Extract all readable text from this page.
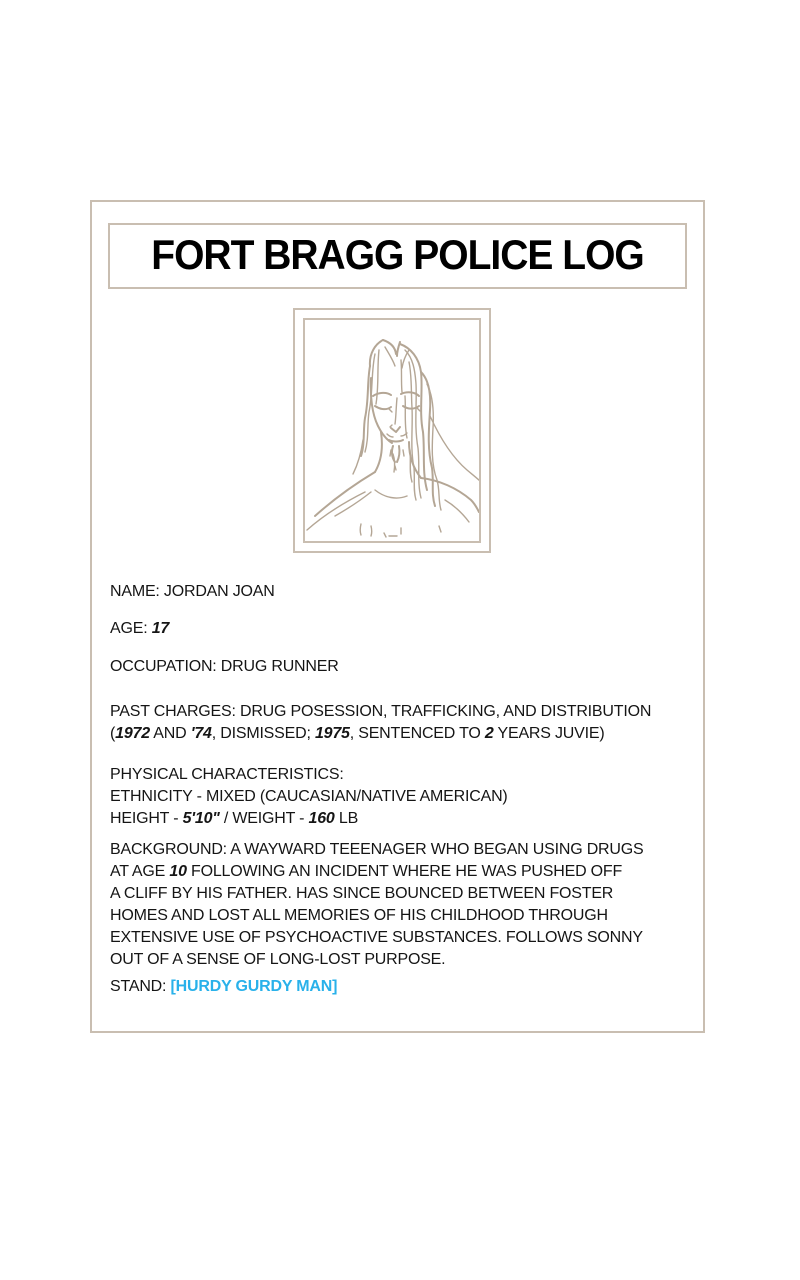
FORT BRAGG POLICE LOG
NAME: JORDAN JOAN
AGE: 17
OCCUPATION: DRUG RUNNER
PAST CHARGES: DRUG POSESSION, TRAFFICKING, AND DISTRIBUTION
(1972 AND '74, DISMISSED; 1975, SENTENCED TO 2 YEARS JUVIE)
PHYSICAL CHARACTERISTICS:
ETHNICITY - MIXED (CAUCASIAN/NATIVE AMERICAN)
HEIGHT - 5'10" / WEIGHT - 160 LB
BACKGROUND: A WAYWARD TEEENAGER WHO BEGAN USING DRUGS
AT AGE 10 FOLLOWING AN INCIDENT WHERE HE WAS PUSHED OFF
A CLIFF BY HIS FATHER. HAS SINCE BOUNCED BETWEEN FOSTER
HOMES AND LOST ALL MEMORIES OF HIS CHILDHOOD THROUGH
EXTENSIVE USE OF PSYCHOACTIVE SUBSTANCES. FOLLOWS SONNY
OUT OF A SENSE OF LONG-LOST PURPOSE.
STAND: [HURDY GURDY MAN]
